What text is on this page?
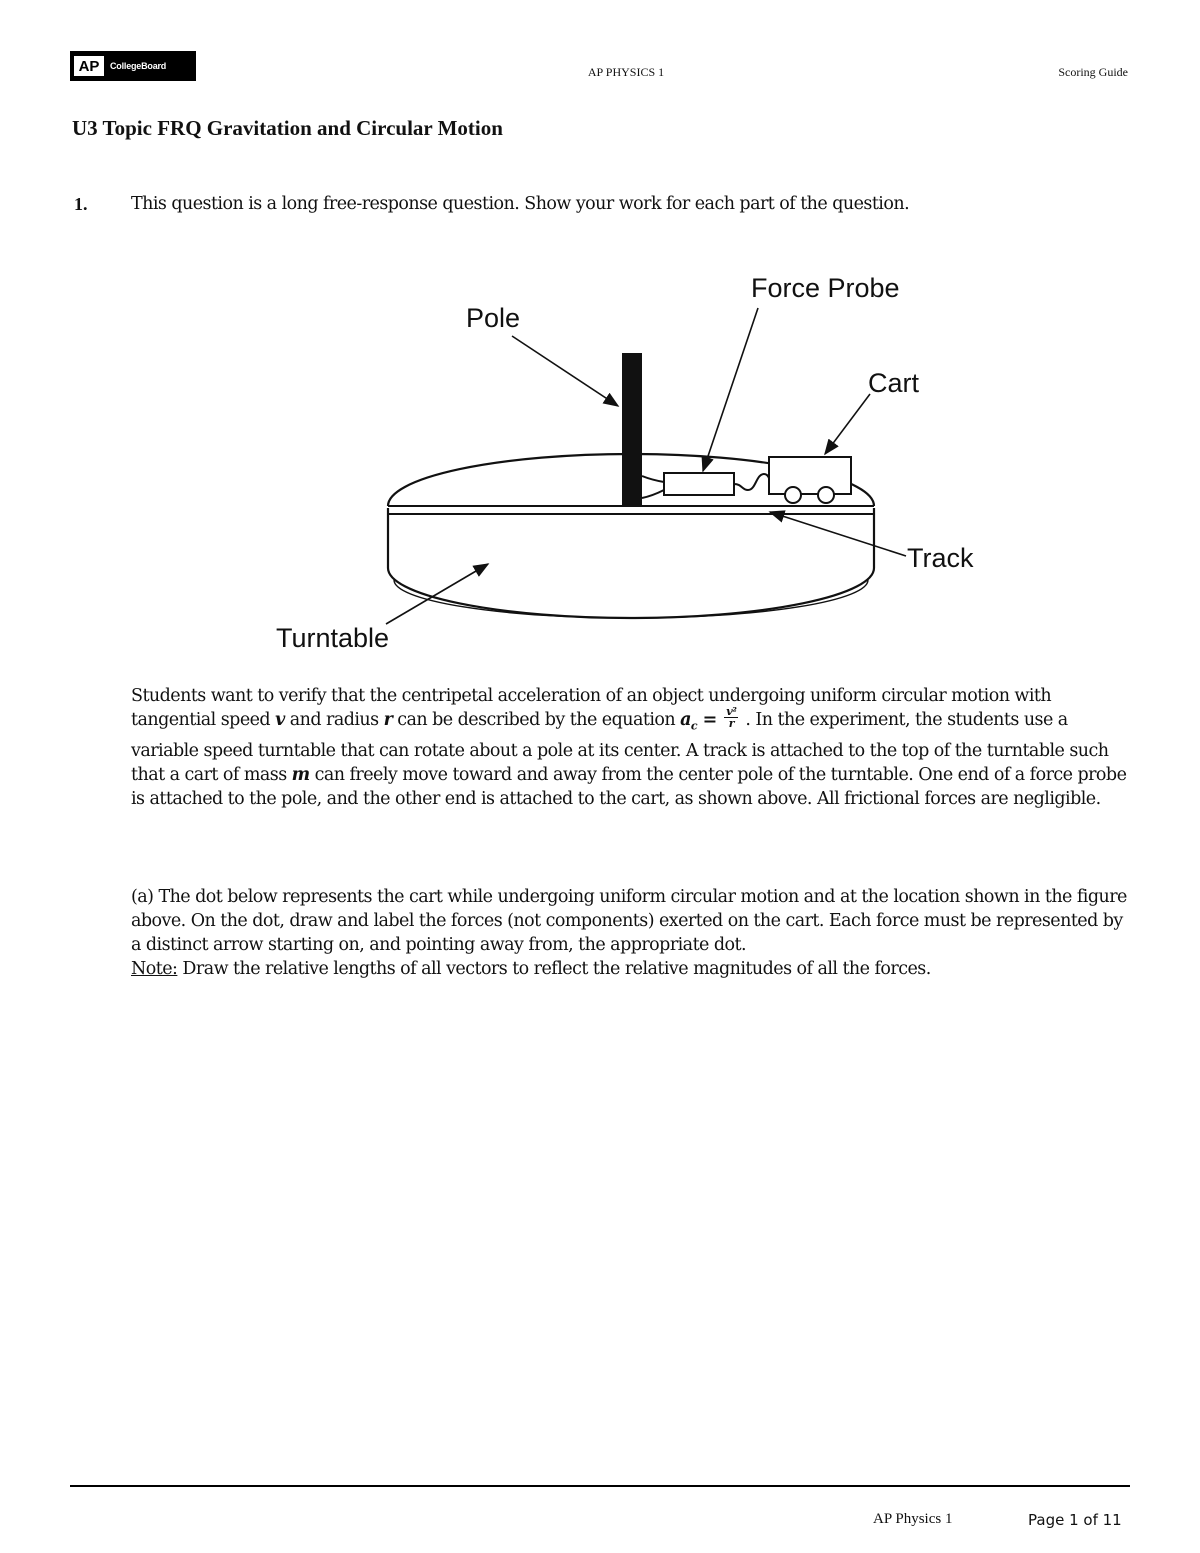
AP	CollegeBoard	AP PHYSICS 1	Scoring Guide
U3 Topic FRQ Gravitation and Circular Motion
1. This question is a long free-response question. Show your work for each part of the question.
Pole
Force Probe
Cart
Track
Turntable
Students want to verify that the centripetal acceleration of an object undergoing uniform circular motion with tangential speed v and radius r can be described by the equation $a_c = \frac{\text{v²}}{r}$ . In the experiment, the students use a variable speed turntable that can rotate about a pole at its center. A track is attached to the top of the turntable such that a cart of mass m can freely move toward and away from the center pole of the turntable. One end of a force probe is attached to the pole, and the other end is attached to the cart, as shown above. All frictional forces are negligible.
(a) The dot below represents the cart while undergoing uniform circular motion and at the location shown in the figure above. On the dot, draw and label the forces (not components) exerted on the cart. Each force must be represented by a distinct arrow starting on, and pointing away from, the appropriate dot.
Note: Draw the relative lengths of all vectors to reflect the relative magnitudes of all the forces.
AP Physics 1	Page 1 of 11
